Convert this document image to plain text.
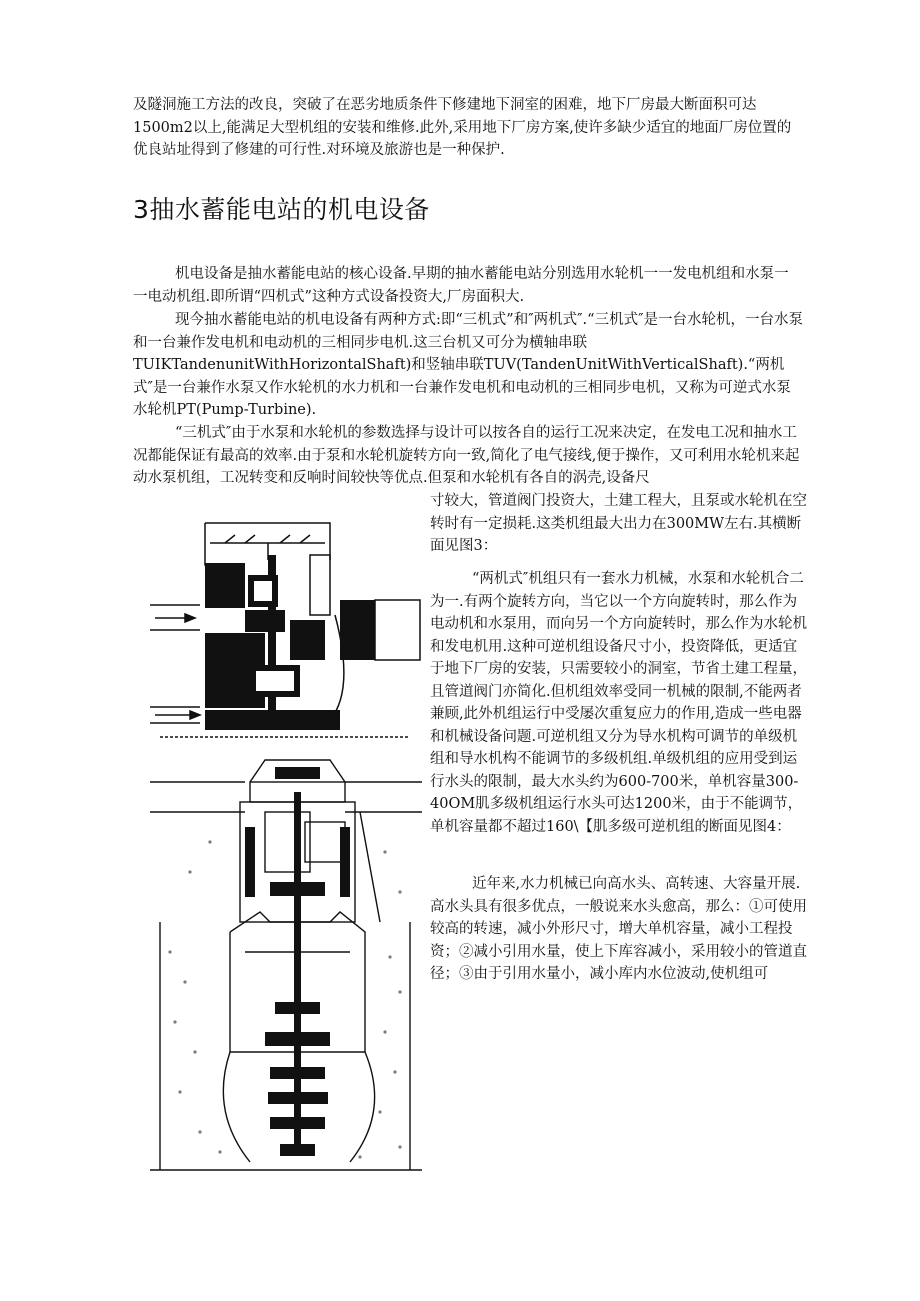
及隧洞施工方法的改良，突破了在恶劣地质条件下修建地下洞室的困难，地下厂房最大断面积可达1500m2以上,能满足大型机组的安装和维修.此外,采用地下厂房方案,使许多缺少适宜的地面厂房位置的优良站址得到了修建的可行性.对环境及旅游也是一种保护.

3抽水蓄能电站的机电设备

机电设备是抽水蓄能电站的核心设备.早期的抽水蓄能电站分别选用水轮机一一发电机组和水泵一一电动机组.即所谓“四机式”这种方式设备投资大,厂房面积大.

现今抽水蓄能电站的机电设备有两种方式:即“三机式”和″两机式″.“三机式″是一台水轮机，一台水泵和一台兼作发电机和电动机的三相同步电机.这三台机又可分为横轴串联TUIKTandenunitWithHorizontalShaft)和竖轴串联TUV(TandenUnitWithVerticalShaft).“两机式″是一台兼作水泵又作水轮机的水力机和一台兼作发电机和电动机的三相同步电机，又称为可逆式水泵水轮机PT(Pump-Turbine).

“三机式″由于水泵和水轮机的参数选择与设计可以按各自的运行工况来决定，在发电工况和抽水工况都能保证有最高的效率.由于泵和水轮机旋转方向一致,简化了电气接线,便于操作，又可利用水轮机来起动水泵机组，工况转变和反响时间较快等优点.但泵和水轮机有各自的涡壳,设备尺

寸较大，管道阀门投资大，土建工程大，且泵或水轮机在空转时有一定损耗.这类机组最大出力在300MW左右.其横断面见图3：

“两机式″机组只有一套水力机械，水泵和水轮机合二为一.有两个旋转方向，当它以一个方向旋转时，那么作为电动机和水泵用，而向另一个方向旋转时，那么作为水轮机和发电机用.这种可逆机组设备尺寸小，投资降低，更适宜于地下厂房的安装，只需要较小的洞室，节省土建工程量，且管道阀门亦简化.但机组效率受同一机械的限制,不能两者兼顾,此外机组运行中受屡次重复应力的作用,造成一些电器和机械设备问题.可逆机组又分为导水机构可调节的单级机组和导水机构不能调节的多级机组.单级机组的应用受到运行水头的限制，最大水头约为600-700米，单机容量300-40OM肌多级机组运行水头可达1200米，由于不能调节，单机容量都不超过160\【肌多级可逆机组的断面见图4：

近年来,水力机械已向高水头、高转速、大容量开展.高水头具有很多优点，一般说来水头愈高，那么：①可使用较高的转速，减小外形尺寸，增大单机容量，减小工程投资；②减小引用水量，使上下库容减小，采用较小的管道直径；③由于引用水量小，减小库内水位波动,使机组可
